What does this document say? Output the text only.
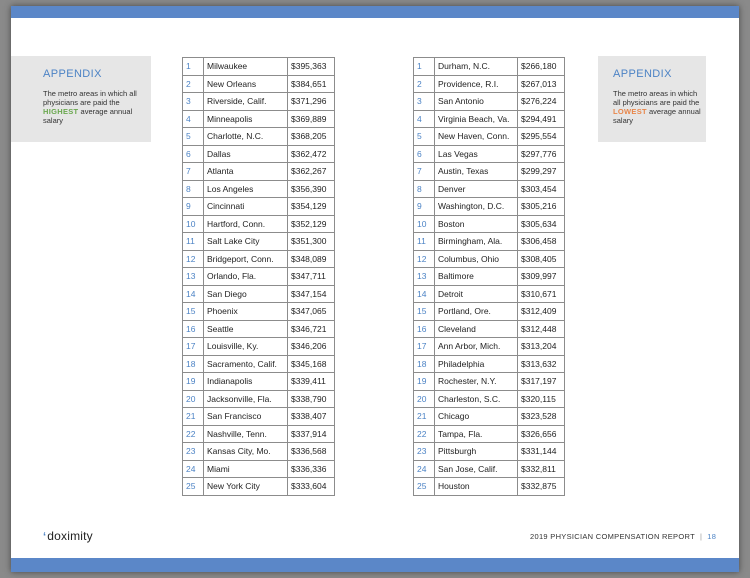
APPENDIX
The metro areas in which all physicians are paid the HIGHEST average annual salary
1	Milwaukee	$395,363
2	New Orleans	$384,651
3	Riverside, Calif.	$371,296
4	Minneapolis	$369,889
5	Charlotte, N.C.	$368,205
6	Dallas	$362,472
7	Atlanta	$362,267
8	Los Angeles	$356,390
9	Cincinnati	$354,129
10	Hartford, Conn.	$352,129
11	Salt Lake City	$351,300
12	Bridgeport, Conn.	$348,089
13	Orlando, Fla.	$347,711
14	San Diego	$347,154
15	Phoenix	$347,065
16	Seattle	$346,721
17	Louisville, Ky.	$346,206
18	Sacramento, Calif.	$345,168
19	Indianapolis	$339,411
20	Jacksonville, Fla.	$338,790
21	San Francisco	$338,407
22	Nashville, Tenn.	$337,914
23	Kansas City, Mo.	$336,568
24	Miami	$336,336
25	New York City	$333,604
1	Durham, N.C.	$266,180
2	Providence, R.I.	$267,013
3	San Antonio	$276,224
4	Virginia Beach, Va.	$294,491
5	New Haven, Conn.	$295,554
6	Las Vegas	$297,776
7	Austin, Texas	$299,297
8	Denver	$303,454
9	Washington, D.C.	$305,216
10	Boston	$305,634
11	Birmingham, Ala.	$306,458
12	Columbus, Ohio	$308,405
13	Baltimore	$309,997
14	Detroit	$310,671
15	Portland, Ore.	$312,409
16	Cleveland	$312,448
17	Ann Arbor, Mich.	$313,204
18	Philadelphia	$313,632
19	Rochester, N.Y.	$317,197
20	Charleston, S.C.	$320,115
21	Chicago	$323,528
22	Tampa, Fla.	$326,656
23	Pittsburgh	$331,144
24	San Jose, Calif.	$332,811
25	Houston	$332,875
APPENDIX
The metro areas in which all physicians are paid the LOWEST average annual salary
ʻdoximity	2019 PHYSICIAN COMPENSATION REPORT | 18
